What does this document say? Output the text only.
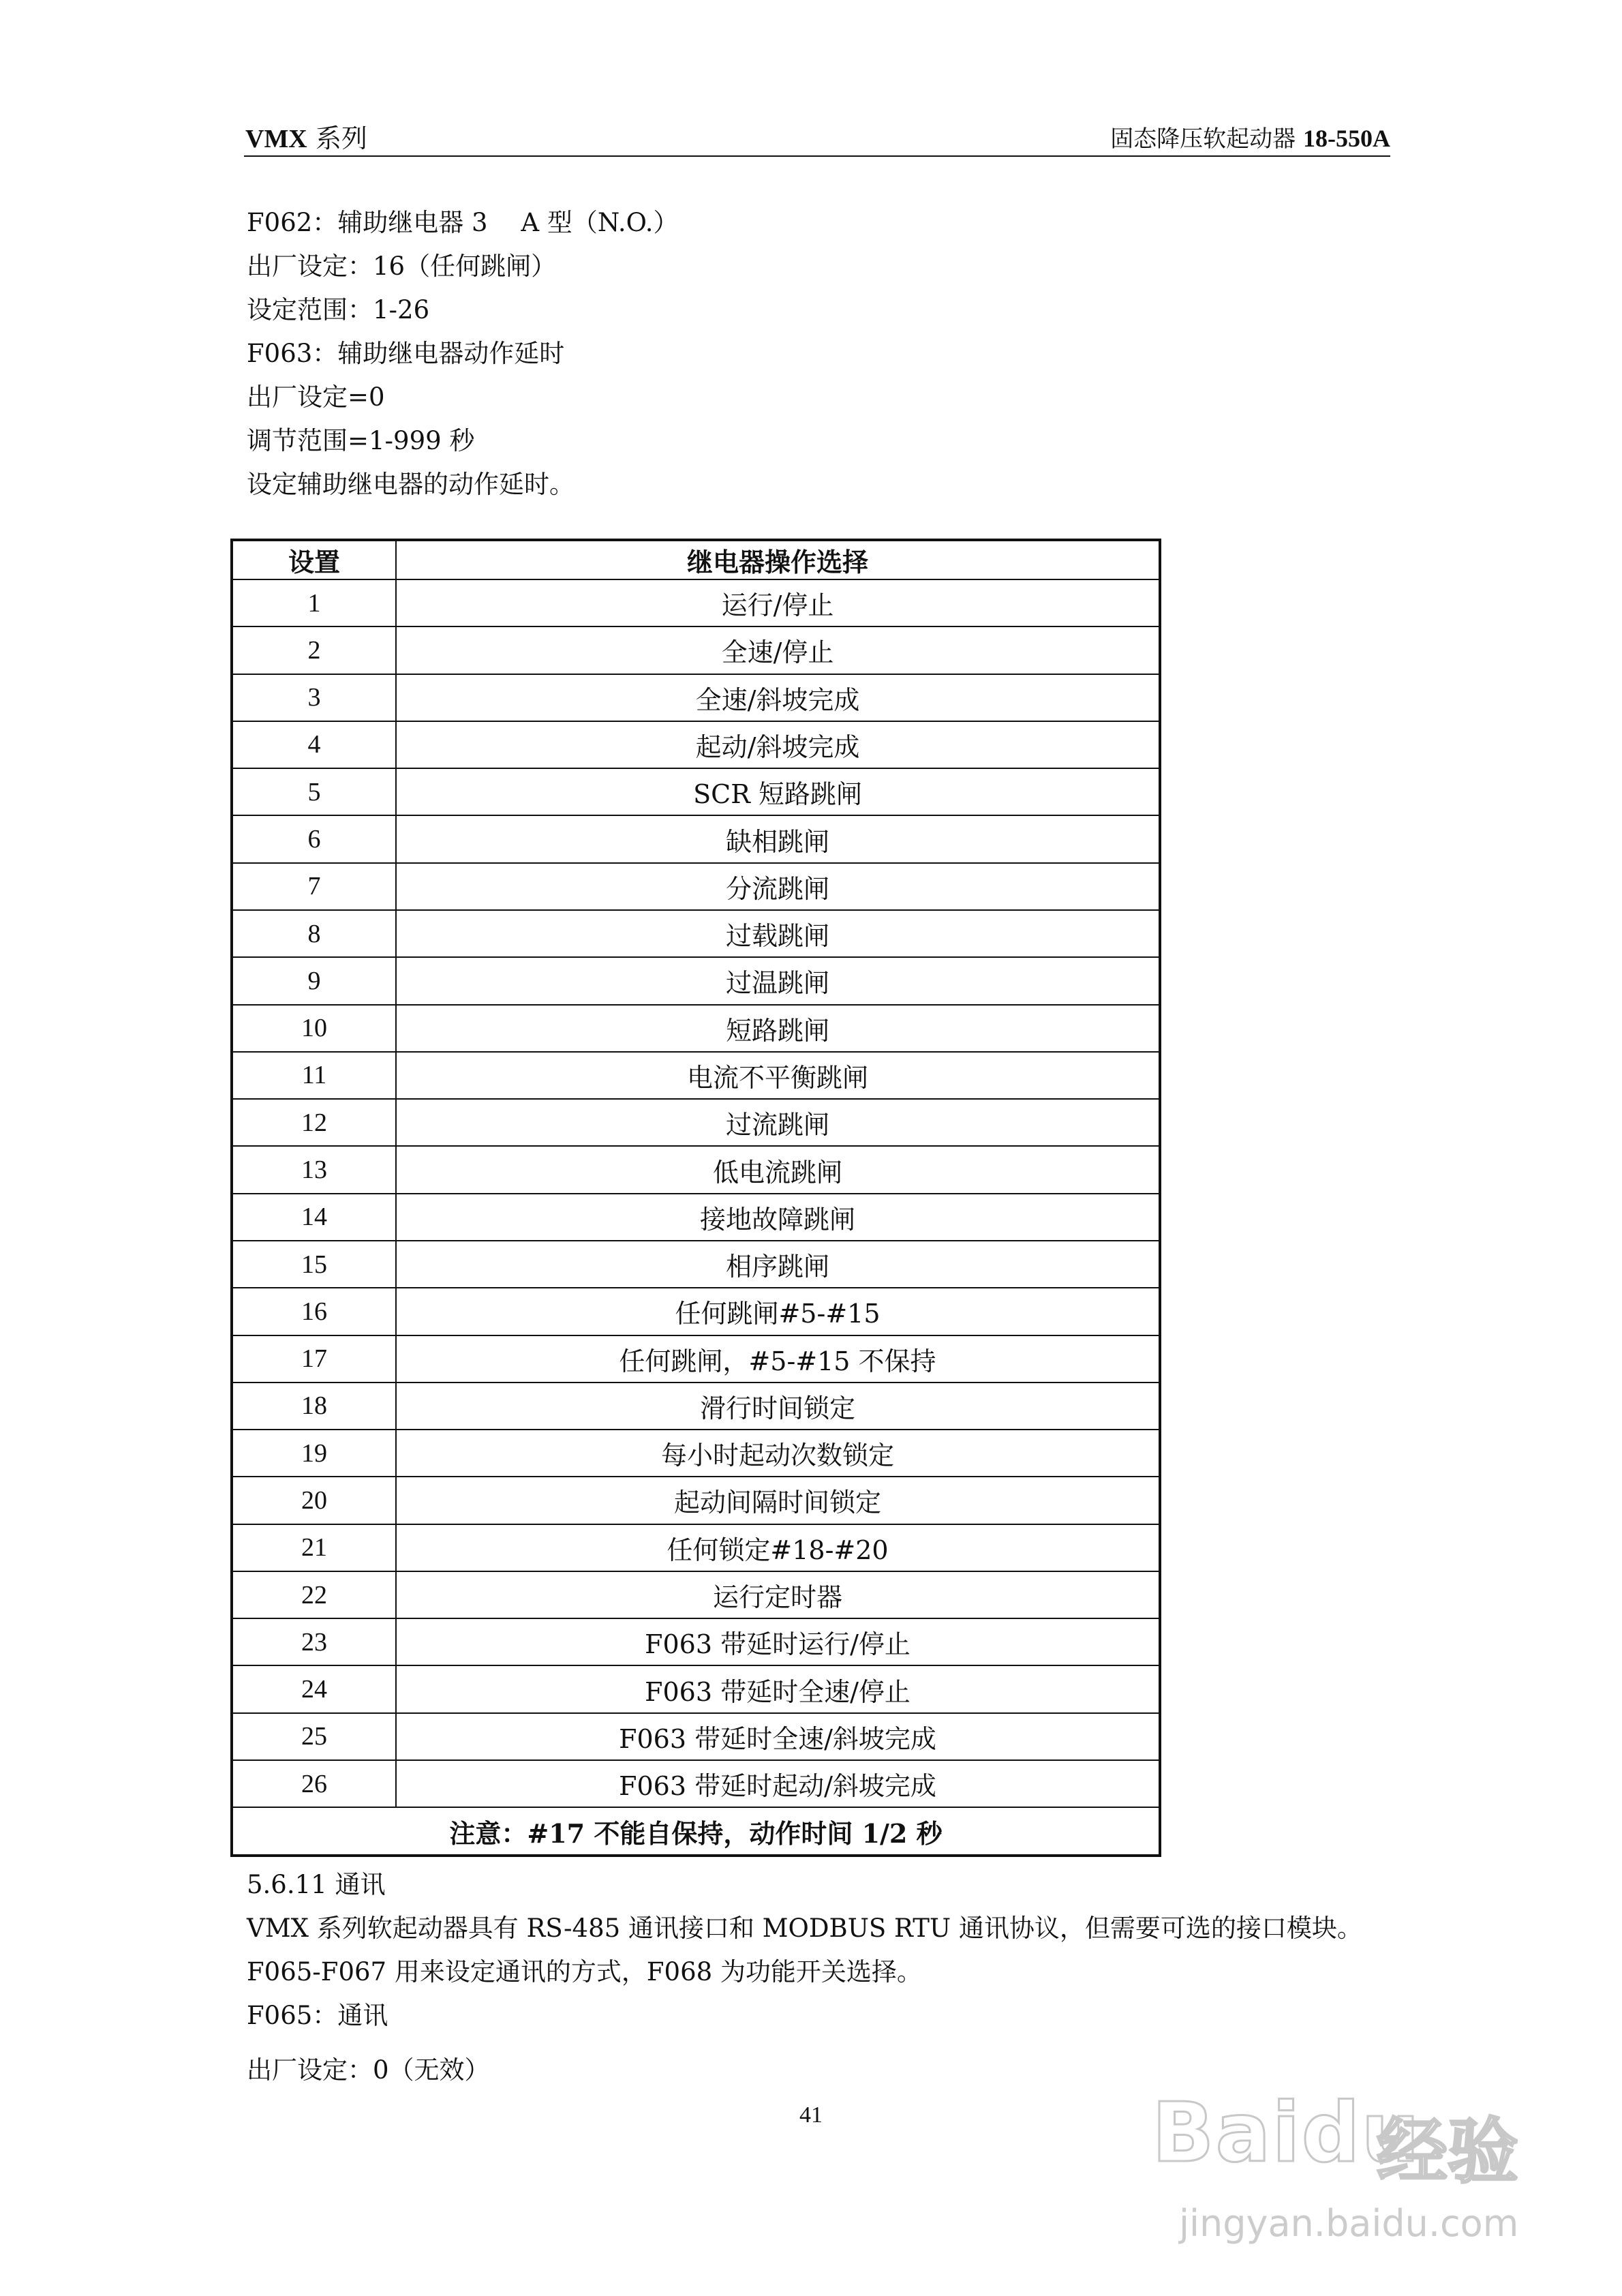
VMX 系列	固态降压软起动器 18-550A
F062：辅助继电器 3　 A 型（N.O.）
出厂设定：16（任何跳闸）
设定范围：1-26
F063：辅助继电器动作延时
出厂设定=0
调节范围=1-999 秒
设定辅助继电器的动作延时。
设置	继电器操作选择
1	运行/停止
2	全速/停止
3	全速/斜坡完成
4	起动/斜坡完成
5	SCR 短路跳闸
6	缺相跳闸
7	分流跳闸
8	过载跳闸
9	过温跳闸
10	短路跳闸
11	电流不平衡跳闸
12	过流跳闸
13	低电流跳闸
14	接地故障跳闸
15	相序跳闸
16	任何跳闸#5-#15
17	任何跳闸，#5-#15 不保持
18	滑行时间锁定
19	每小时起动次数锁定
20	起动间隔时间锁定
21	任何锁定#18-#20
22	运行定时器
23	F063 带延时运行/停止
24	F063 带延时全速/停止
25	F063 带延时全速/斜坡完成
26	F063 带延时起动/斜坡完成
注意：#17 不能自保持，动作时间 1/2 秒	
5.6.11 通讯
VMX 系列软起动器具有 RS-485 通讯接口和 MODBUS RTU 通讯协议，但需要可选的接口模块。
F065-F067 用来设定通讯的方式，F068 为功能开关选择。
F065：通讯
出厂设定：0（无效）
41	Baidu
经验
jingyan.baidu.com
